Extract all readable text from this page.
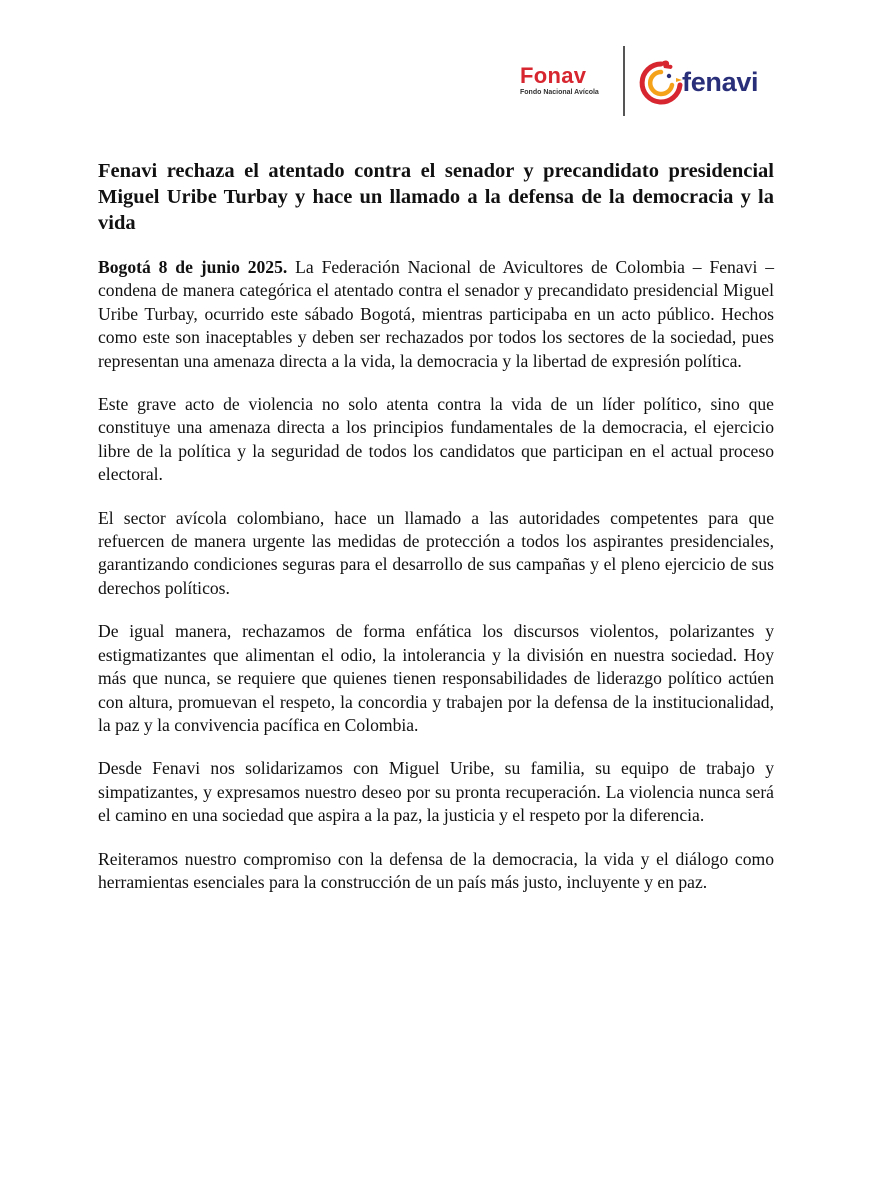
Fonav
Fondo Nacional Avícola	fenavi
Fenavi rechaza el atentado contra el senador y precandidato presidencial Miguel Uribe Turbay y hace un llamado a la defensa de la democracia y la vida

Bogotá 8 de junio 2025. La Federación Nacional de Avicultores de Colombia – Fenavi – condena de manera categórica el atentado contra el senador y precandidato presidencial Miguel Uribe Turbay, ocurrido este sábado Bogotá, mientras participaba en un acto público. Hechos como este son inaceptables y deben ser rechazados por todos los sectores de la sociedad, pues representan una amenaza directa a la vida, la democracia y la libertad de expresión política.

Este grave acto de violencia no solo atenta contra la vida de un líder político, sino que constituye una amenaza directa a los principios fundamentales de la democracia, el ejercicio libre de la política y la seguridad de todos los candidatos que participan en el actual proceso electoral.

El sector avícola colombiano, hace un llamado a las autoridades competentes para que refuercen de manera urgente las medidas de protección a todos los aspirantes presidenciales, garantizando condiciones seguras para el desarrollo de sus campañas y el pleno ejercicio de sus derechos políticos.

De igual manera, rechazamos de forma enfática los discursos violentos, polarizantes y estigmatizantes que alimentan el odio, la intolerancia y la división en nuestra sociedad. Hoy más que nunca, se requiere que quienes tienen responsabilidades de liderazgo político actúen con altura, promuevan el respeto, la concordia y trabajen por la defensa de la institucionalidad, la paz y la convivencia pacífica en Colombia.

Desde Fenavi nos solidarizamos con Miguel Uribe, su familia, su equipo de trabajo y simpatizantes, y expresamos nuestro deseo por su pronta recuperación. La violencia nunca será el camino en una sociedad que aspira a la paz, la justicia y el respeto por la diferencia.

Reiteramos nuestro compromiso con la defensa de la democracia, la vida y el diálogo como herramientas esenciales para la construcción de un país más justo, incluyente y en paz.
